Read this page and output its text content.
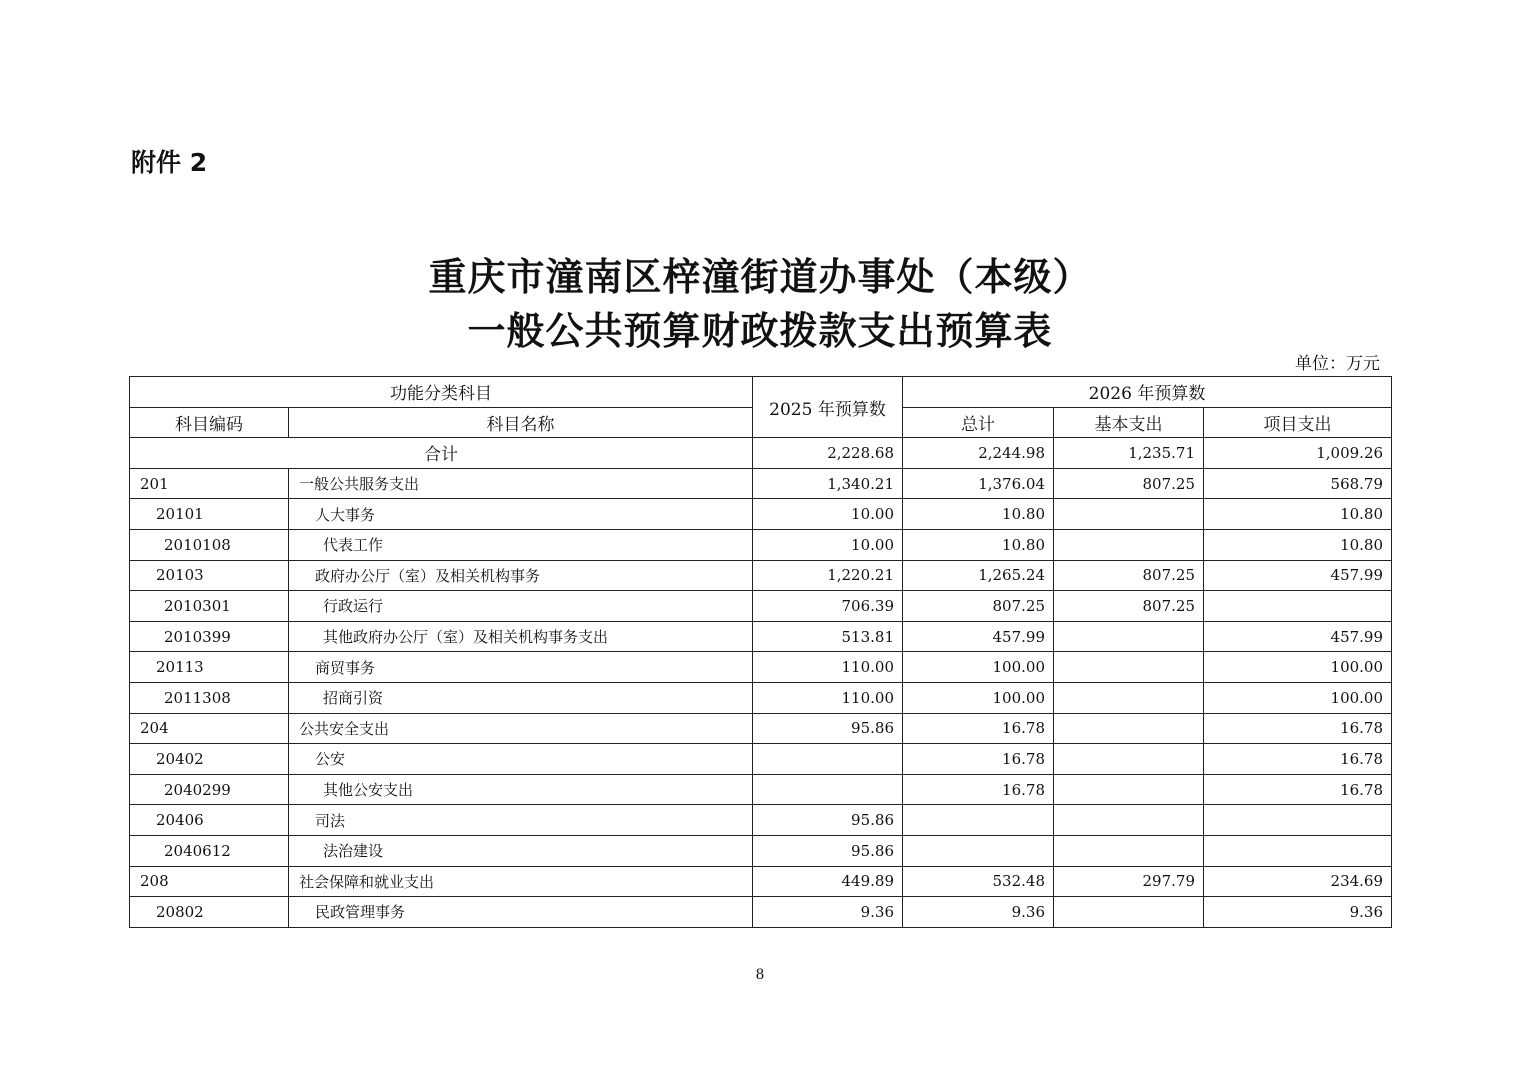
附件 2
重庆市潼南区梓潼街道办事处（本级）
一般公共预算财政拨款支出预算表
单位：万元
功能分类科目		2025 年预算数	2026 年预算数		
科目编码	科目名称		总计	基本支出	项目支出
合计		2,228.68	2,244.98	1,235.71	1,009.26
201	一般公共服务支出	1,340.21	1,376.04	807.25	568.79
20101	人大事务	10.00	10.80		10.80
2010108	代表工作	10.00	10.80		10.80
20103	政府办公厅（室）及相关机构事务	1,220.21	1,265.24	807.25	457.99
2010301	行政运行	706.39	807.25	807.25	
2010399	其他政府办公厅（室）及相关机构事务支出	513.81	457.99		457.99
20113	商贸事务	110.00	100.00		100.00
2011308	招商引资	110.00	100.00		100.00
204	公共安全支出	95.86	16.78		16.78
20402	公安		16.78		16.78
2040299	其他公安支出		16.78		16.78
20406	司法	95.86			
2040612	法治建设	95.86			
208	社会保障和就业支出	449.89	532.48	297.79	234.69
20802	民政管理事务	9.36	9.36		9.36
8
